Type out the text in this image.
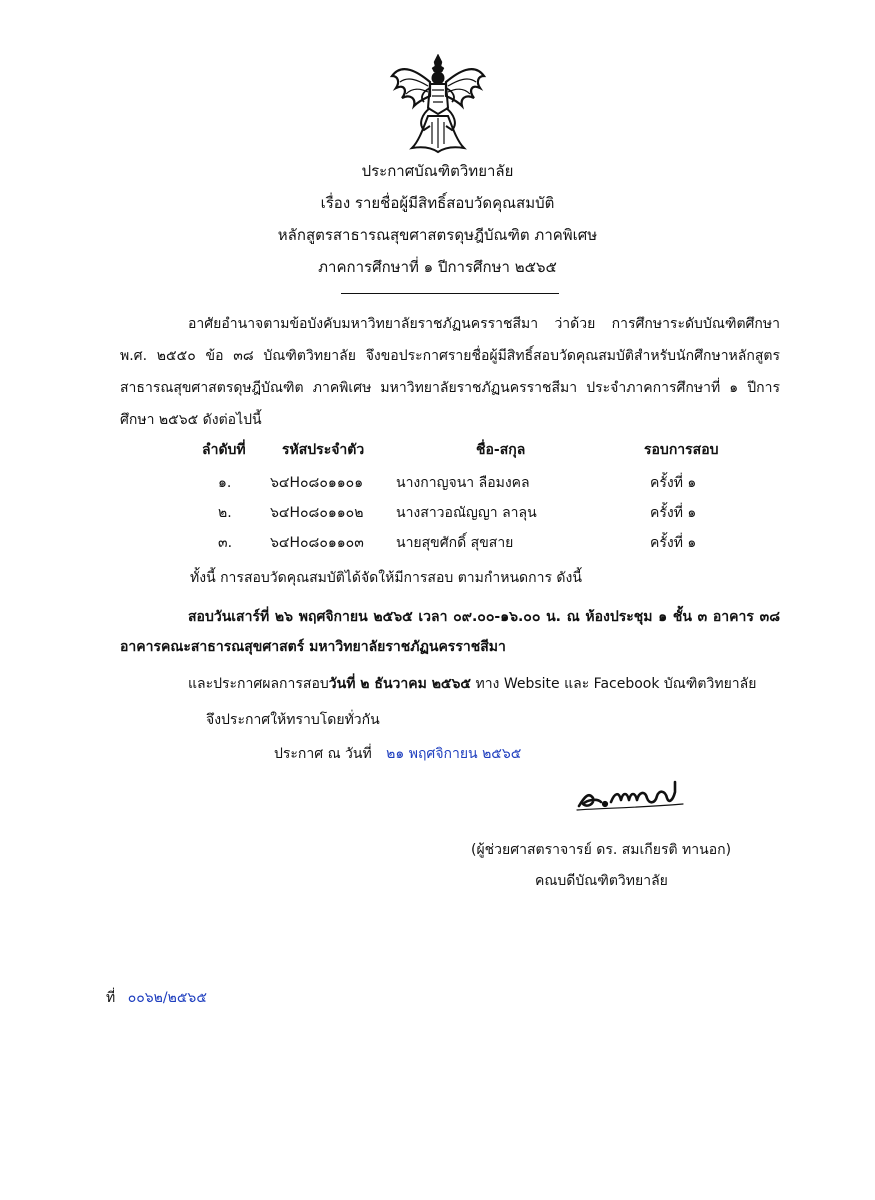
ประกาศบัณฑิตวิทยาลัย
เรื่อง รายชื่อผู้มีสิทธิ์สอบวัดคุณสมบัติ
หลักสูตรสาธารณสุขศาสตรดุษฎีบัณฑิต ภาคพิเศษ
ภาคการศึกษาที่ ๑ ปีการศึกษา ๒๕๖๕
อาศัยอำนาจตามข้อบังคับมหาวิทยาลัยราชภัฏนครราชสีมา ว่าด้วย การศึกษาระดับบัณฑิตศึกษา พ.ศ. ๒๕๕๐ ข้อ ๓๘ บัณฑิตวิทยาลัย จึงขอประกาศรายชื่อผู้มีสิทธิ์สอบวัดคุณสมบัติสำหรับนักศึกษาหลักสูตรสาธารณสุขศาสตรดุษฎีบัณฑิต ภาคพิเศษ มหาวิทยาลัยราชภัฏนครราชสีมา ประจำภาคการศึกษาที่ ๑ ปีการศึกษา ๒๕๖๕ ดังต่อไปนี้
ลำดับที่	รหัสประจำตัว	ชื่อ-สกุล	รอบการสอบ
๑.	๖๔H๐๘๐๑๑๐๑ นางกาญจนา ลือมงคล	ครั้งที่ ๑
๒.	๖๔H๐๘๐๑๑๐๒ นางสาวอณัญญา ลาลุน	ครั้งที่ ๑
๓.	๖๔H๐๘๐๑๑๐๓ นายสุขศักดิ์ สุขสาย	ครั้งที่ ๑
ทั้งนี้ การสอบวัดคุณสมบัติได้จัดให้มีการสอบ ตามกำหนดการ ดังนี้
สอบวันเสาร์ที่ ๒๖ พฤศจิกายน ๒๕๖๕ เวลา ๐๙.๐๐-๑๖.๐๐ น. ณ ห้องประชุม ๑ ชั้น ๓ อาคาร ๓๘ อาคารคณะสาธารณสุขศาสตร์ มหาวิทยาลัยราชภัฏนครราชสีมา
และประกาศผลการสอบวันที่ ๒ ธันวาคม ๒๕๖๕ ทาง Website และ Facebook บัณฑิตวิทยาลัย
จึงประกาศให้ทราบโดยทั่วกัน
ประกาศ ณ วันที่ ๒๑ พฤศจิกายน ๒๕๖๕
(ผู้ช่วยศาสตราจารย์ ดร. สมเกียรติ ทานอก)
คณบดีบัณฑิตวิทยาลัย
ที่ ๐๐๖๒/๒๕๖๕
